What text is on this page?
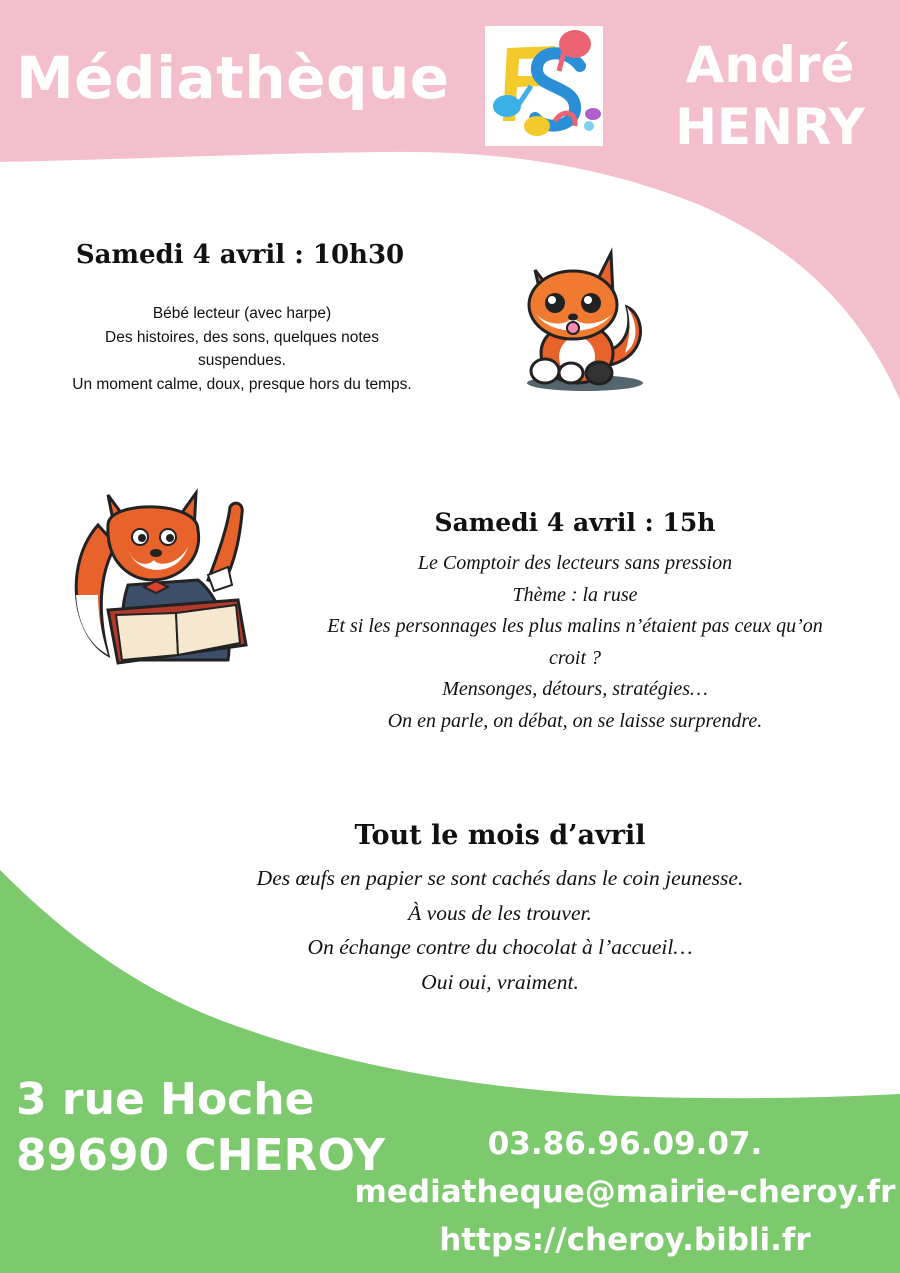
Médiathèque	André
HENRY
Samedi 4 avril : 10h30
Bébé lecteur (avec harpe)
Des histoires, des sons, quelques notes
suspendues.
Un moment calme, doux, presque hors du temps.
Samedi 4 avril : 15h
Le Comptoir des lecteurs sans pression
Thème : la ruse
Et si les personnages les plus malins n’étaient pas ceux qu’on
croit ?
Mensonges, détours, stratégies…
On en parle, on débat, on se laisse surprendre.
Tout le mois d’avril
Des œufs en papier se sont cachés dans le coin jeunesse.
À vous de les trouver.
On échange contre du chocolat à l’accueil…
Oui oui, vraiment.
3 rue Hoche
89690 CHEROY	03.86.96.09.07.
mediatheque@mairie-cheroy.fr
https://cheroy.bibli.fr
